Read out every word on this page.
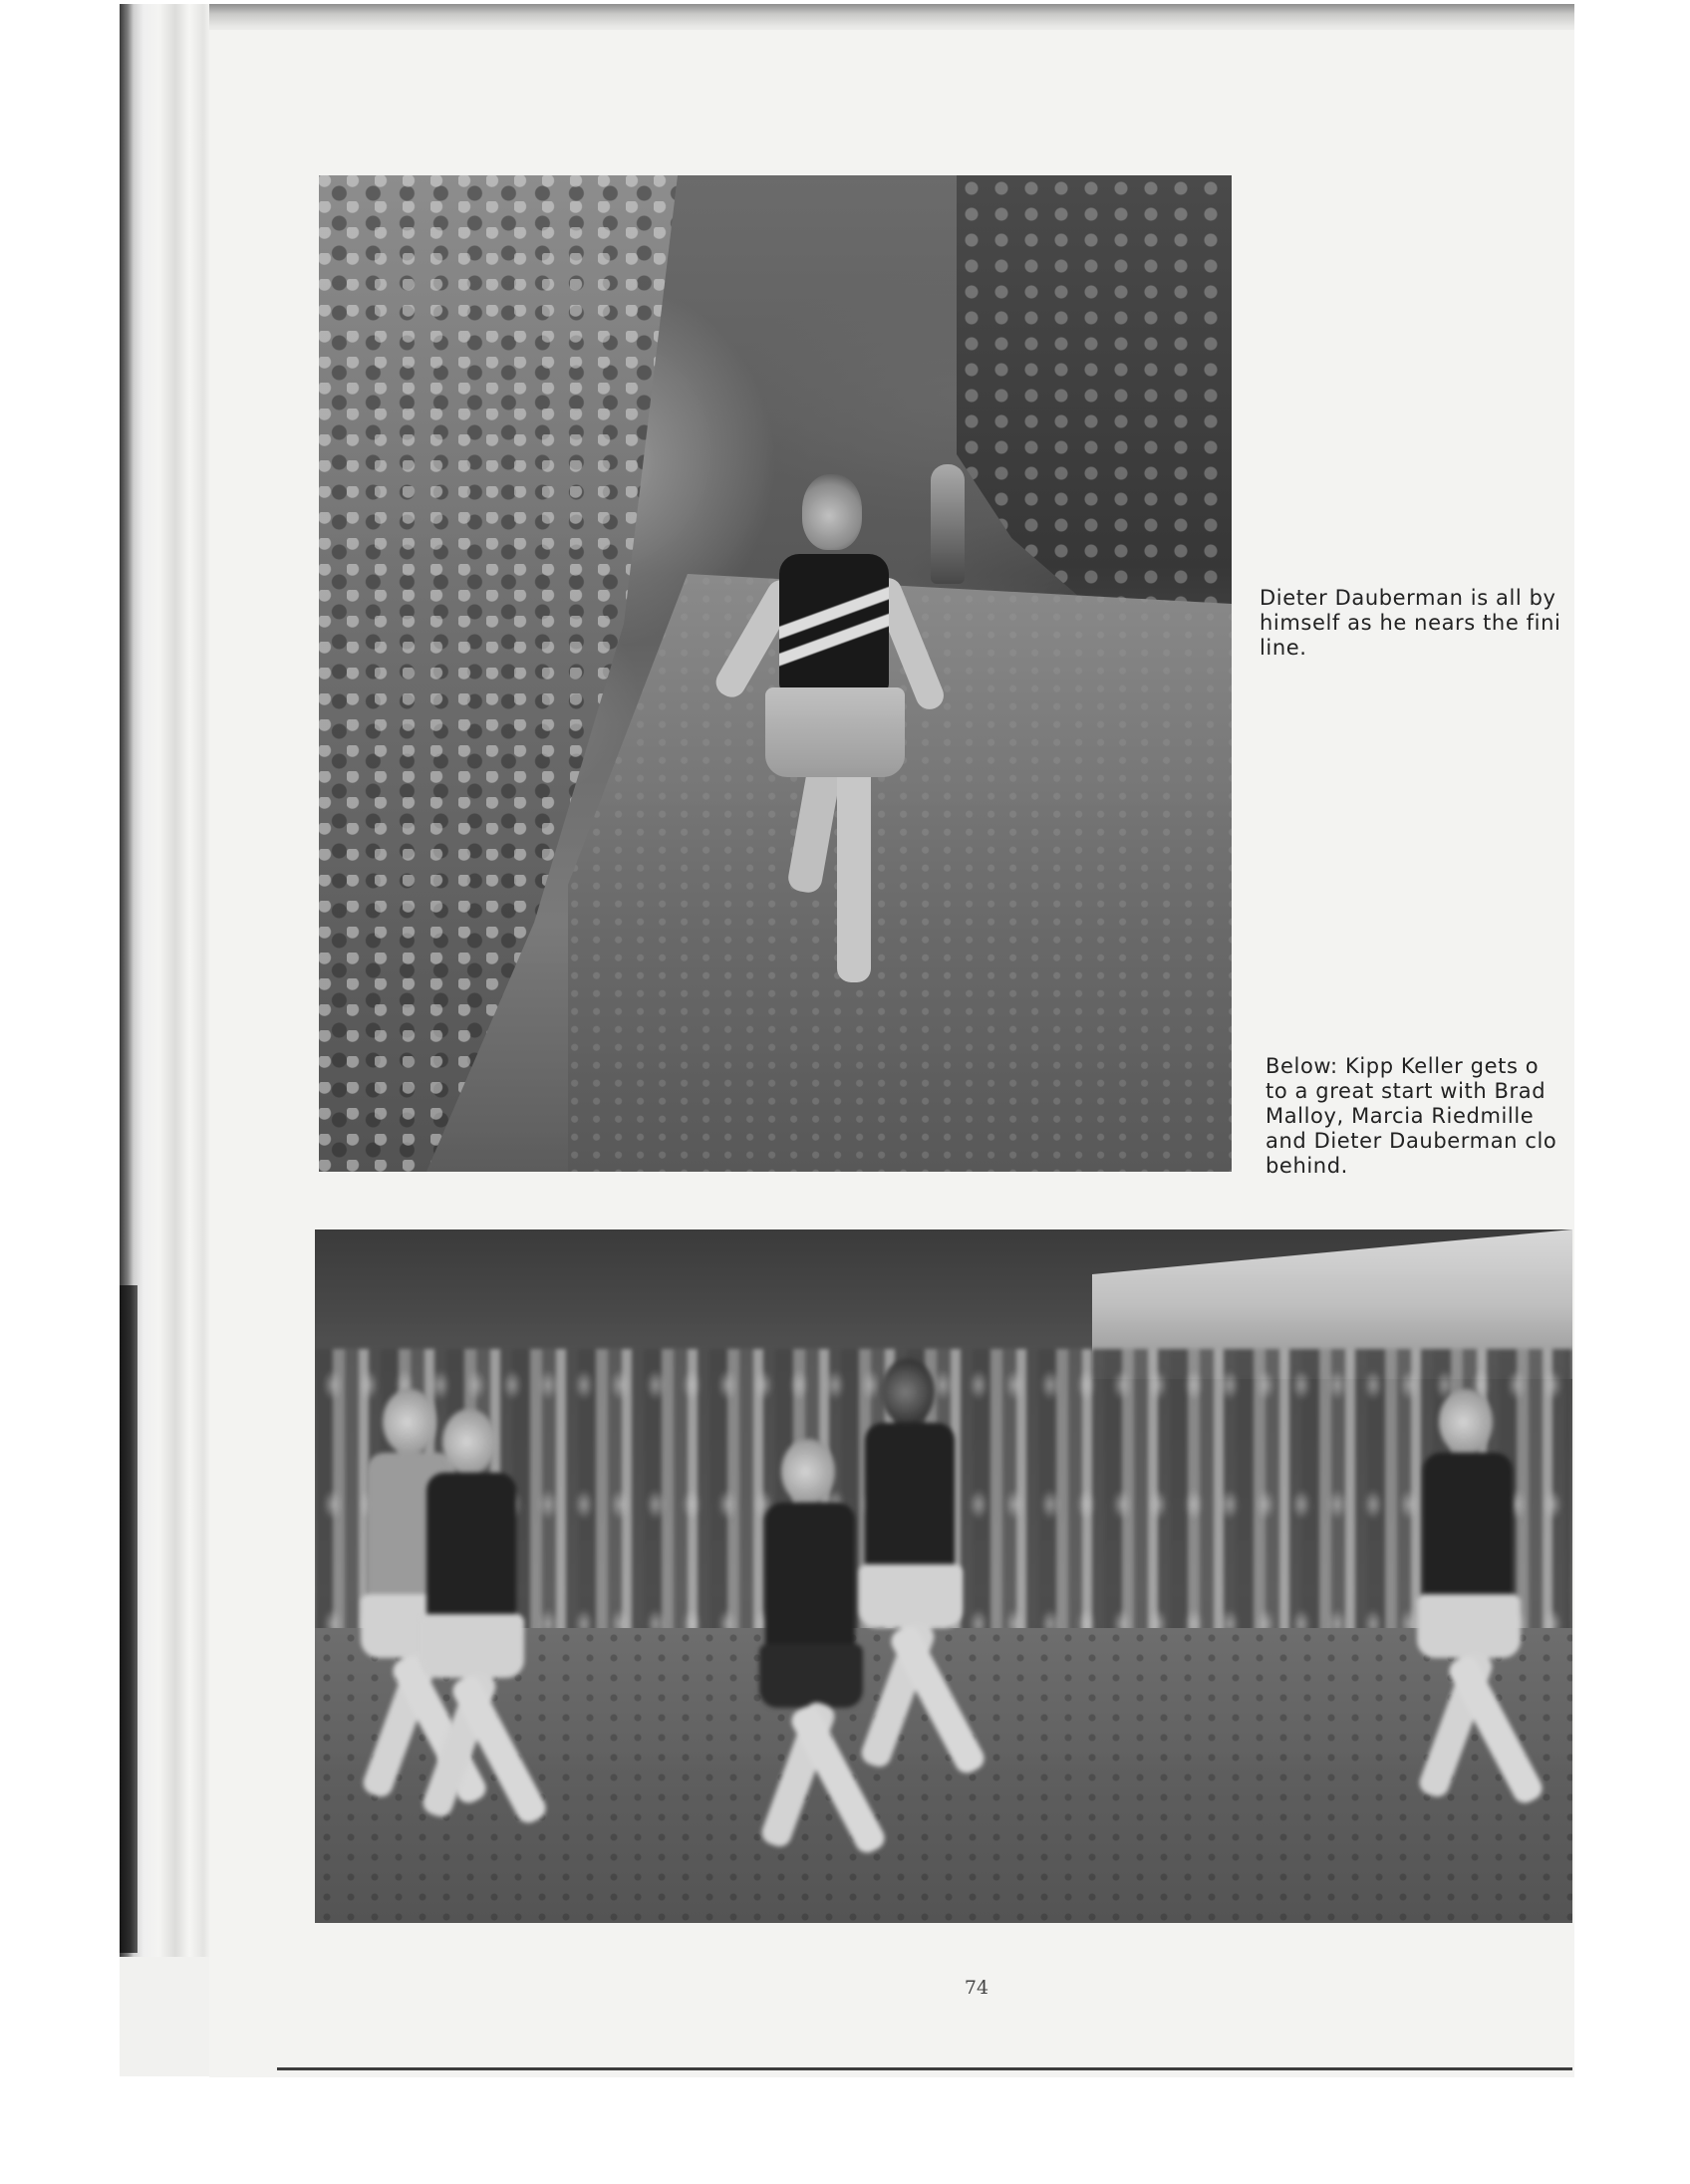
Dieter Dauberman is all by
himself as he nears the fini
line.
Below: Kipp Keller gets o
to a great start with Brad
Malloy, Marcia Riedmille
and Dieter Dauberman clo
behind.
74
